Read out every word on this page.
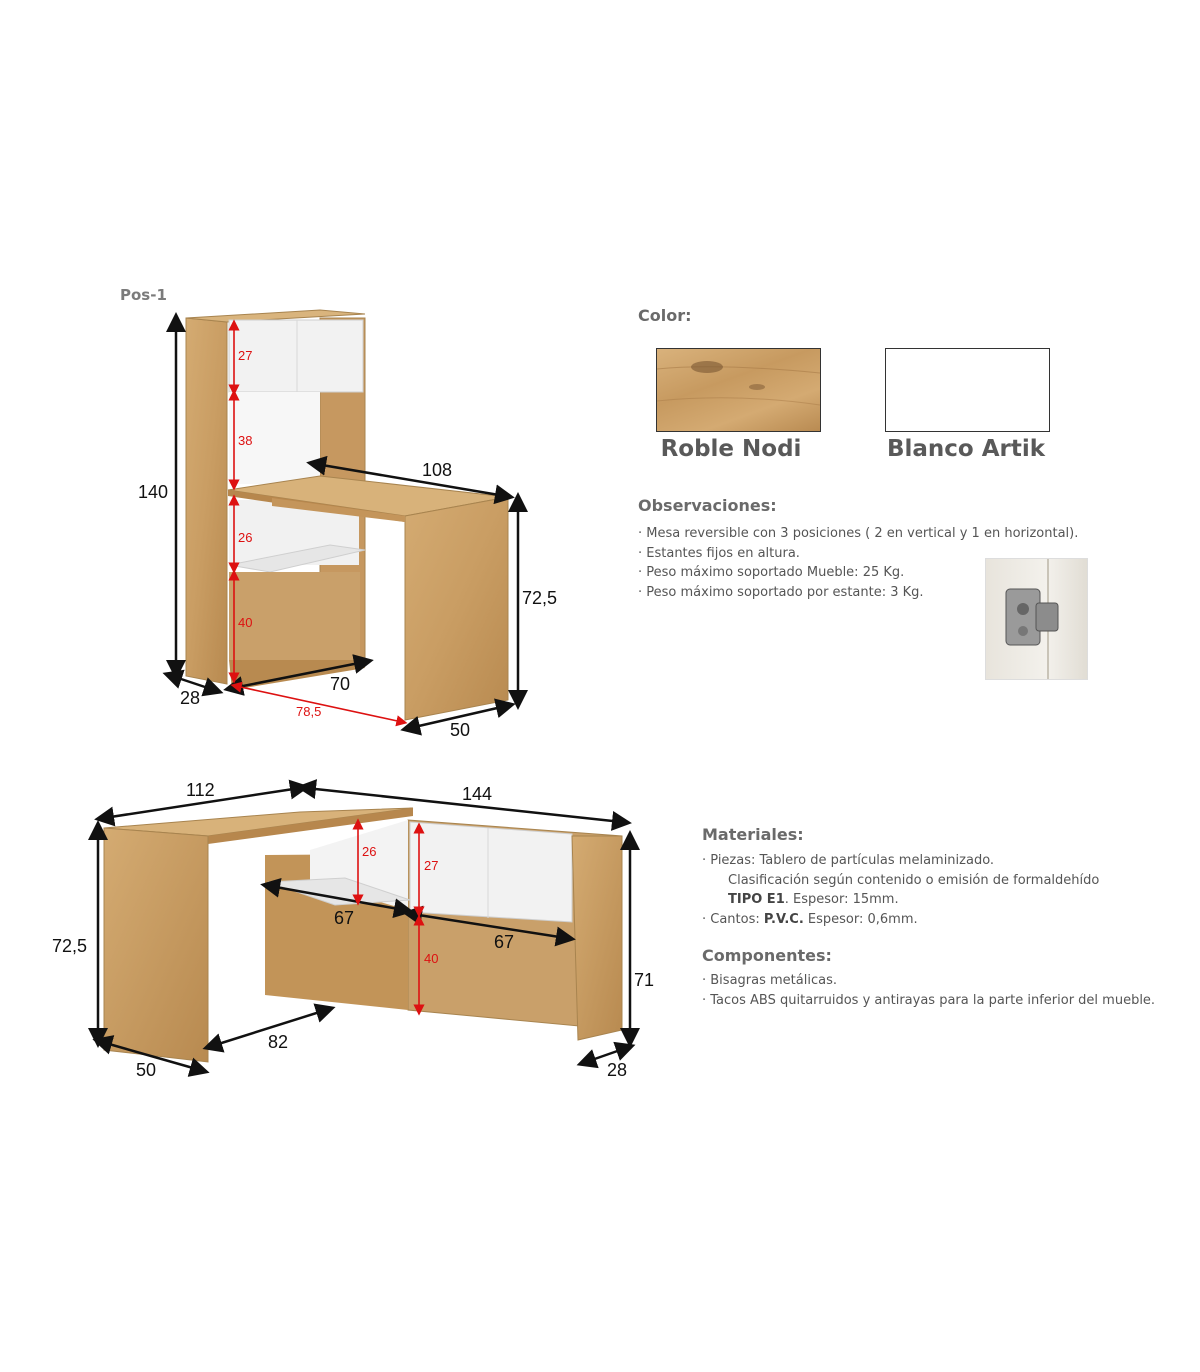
Pos-1
140
108
72,5
28
70
50
78,5
27
38
26
40
Color:
Roble Nodi	Blanco Artik
Observaciones:
· Mesa reversible con 3 posiciones ( 2 en vertical y 1 en horizontal).
· Estantes fijos en altura.
· Peso máximo soportado Mueble: 25 Kg.
· Peso máximo soportado por estante: 3 Kg.
112	144
72,5
71
50	28
82
67
67
26
27
40
Materiales:
· Piezas: Tablero de partículas melaminizado.
Clasificación según contenido o emisión de formaldehído
TIPO E1. Espesor: 15mm.
· Cantos: P.V.C. Espesor: 0,6mm.
Componentes:
· Bisagras metálicas.
· Tacos ABS quitarruidos y antirayas para la parte inferior del mueble.
